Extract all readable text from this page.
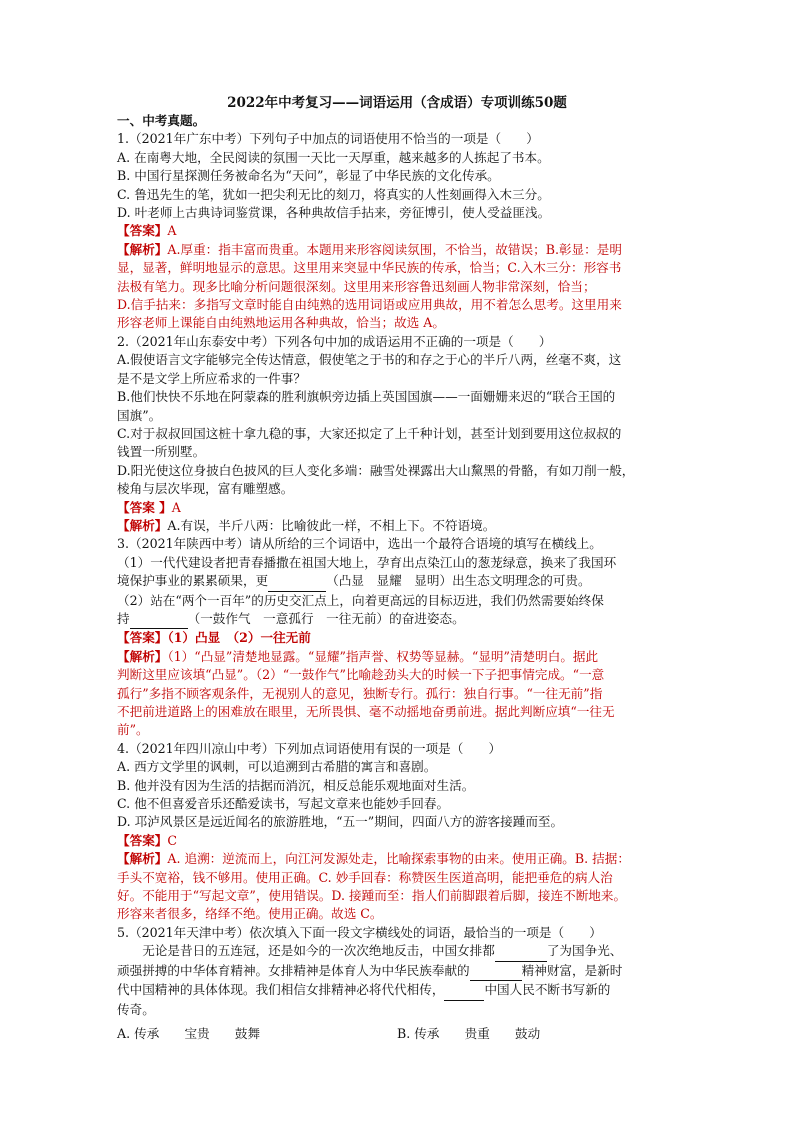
2022年中考复习——词语运用（含成语）专项训练50题
一、中考真题。
1.（2021年广东中考）下列句子中加点的词语使用不恰当的一项是（　　）
A. 在南粤大地，全民阅读的氛围一天比一天厚重，越来越多的人拣起了书本。
B. 中国行星探测任务被命名为“天问”，彰显了中华民族的文化传承。
C. 鲁迅先生的笔，犹如一把尖利无比的刻刀，将真实的人性刻画得入木三分。
D. 叶老师上古典诗词鉴赏课，各种典故信手拈来，旁征博引，使人受益匪浅。
【答案】A
【解析】A.厚重：指丰富而贵重。本题用来形容阅读氛围，不恰当，故错误；B.彰显：是明
显，显著，鲜明地显示的意思。这里用来突显中华民族的传承，恰当；C.入木三分：形容书
法极有笔力。现多比喻分析问题很深刻。这里用来形容鲁迅刻画人物非常深刻，恰当；
D.信手拈来：多指写文章时能自由纯熟的选用词语或应用典故，用不着怎么思考。这里用来
形容老师上课能自由纯熟地运用各种典故，恰当；故选 A。
2.（2021年山东泰安中考）下列各句中加的成语运用不正确的一项是（　　）
A.假使语言文字能够完全传达情意，假使笔之于书的和存之于心的半斤八两，丝毫不爽，这
是不是文学上所应希求的一件事？
B.他们快快不乐地在阿蒙森的胜利旗帜旁边插上英国国旗——一面姗姗来迟的“联合王国的
国旗”。
C.对于叔叔回国这桩十拿九稳的事，大家还拟定了上千种计划，甚至计划到要用这位叔叔的
钱置一所别墅。
D.阳光使这位身披白色披风的巨人变化多端：融雪处裸露出大山黧黑的骨骼，有如刀削一般，
棱角与层次毕现，富有雕塑感。
【答案 】A
【解析】A.有误，半斤八两：比喻彼此一样，不相上下。不符语境。
3.（2021年陕西中考）请从所给的三个词语中，选出一个最符合语境的填写在横线上。
（1）一代代建设者把青春播撒在祖国大地上，孕育出点染江山的葱茏绿意，换来了我国环
境保护事业的累累硕果，更	（凸显　显耀　显明）出生态文明理念的可贵。
（2）站在“两个一百年”的历史交汇点上，向着更高远的目标迈进，我们仍然需要始终保
持	（一鼓作气　一意孤行　一往无前）的奋进姿态。
【答案】（1）凸显　（2）一往无前
【解析】（1）“凸显”清楚地显露。“显耀”指声誉、权势等显赫。“显明”清楚明白。据此
判断这里应该填“凸显”。（2）“一鼓作气”比喻趁劲头大的时候一下子把事情完成。“一意
孤行”多指不顾客观条件，无视别人的意见，独断专行。孤行：独自行事。“一往无前”指
不把前进道路上的困难放在眼里，无所畏惧、毫不动摇地奋勇前进。据此判断应填“一往无
前”。
4.（2021年四川凉山中考）下列加点词语使用有误的一项是（　　）
A. 西方文学里的讽刺，可以追溯到古希腊的寓言和喜剧。
B. 他并没有因为生活的拮据而消沉，相反总能乐观地面对生活。
C. 他不但喜爱音乐还酷爱读书，写起文章来也能妙手回春。
D. 邛泸风景区是远近闻名的旅游胜地，“五一”期间，四面八方的游客接踵而至。
【答案】C
【解析】A. 追溯：逆流而上，向江河发源处走，比喻探索事物的由来。使用正确。B. 拮据：
手头不宽裕，钱不够用。使用正确。C. 妙手回春：称赞医生医道高明，能把垂危的病人治
好。不能用于“写起文章”，使用错误。D. 接踵而至：指人们前脚跟着后脚，接连不断地来。
形容来者很多，络绎不绝。使用正确。故选 C。
5.（2021年天津中考）依次填入下面一段文字横线处的词语，最恰当的一项是（　　）
无论是昔日的五连冠，还是如今的一次次绝地反击，中国女排都	了为国争光、
顽强拼搏的中华体育精神。女排精神是体育人为中华民族奉献的	精神财富，是新时
代中国精神的具体体现。我们相信女排精神必将代代相传，	中国人民不断书写新的
传奇。
A. 传承　　宝贵　　鼓舞	B. 传承　　贵重　　鼓动
